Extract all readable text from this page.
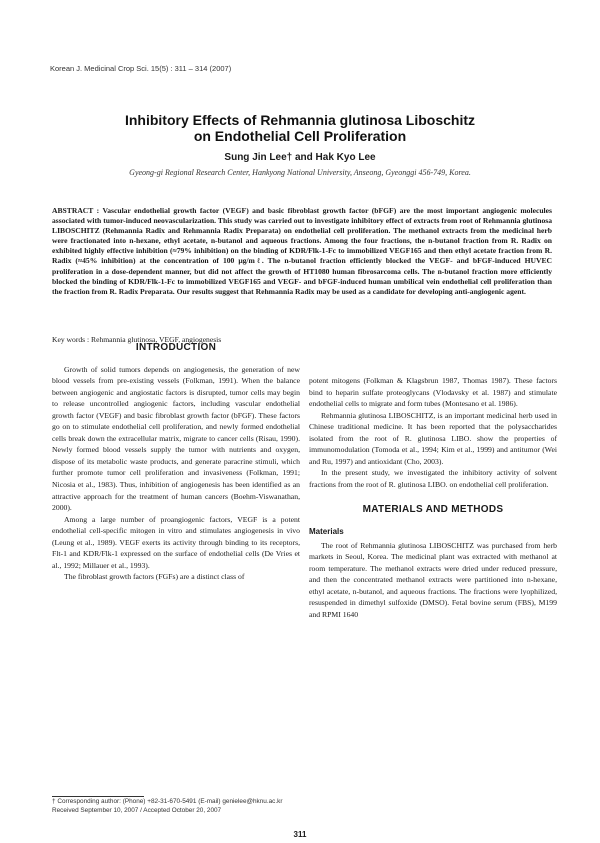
Korean J. Medicinal Crop Sci. 15(5) : 311 – 314 (2007)
Inhibitory Effects of Rehmannia glutinosa Liboschitz
on Endothelial Cell Proliferation
Sung Jin Lee† and Hak Kyo Lee
Gyeong-gi Regional Research Center, Hankyong National University, Anseong, Gyeonggi 456-749, Korea.
ABSTRACT : Vascular endothelial growth factor (VEGF) and basic fibroblast growth factor (bFGF) are the most important angiogenic molecules associated with tumor-induced neovascularization. This study was carried out to investigate inhibitory effect of extracts from root of Rehmannia glutinosa LIBOSCHITZ (Rehmannia Radix and Rehmannia Radix Preparata) on endothelial cell proliferation. The methanol extracts from the medicinal herb were fractionated into n-hexane, ethyl acetate, n-butanol and aqueous fractions. Among the four fractions, the n-butanol fraction from R. Radix on exhibited highly effective inhibition (≈79% inhibition) on the binding of KDR/Flk-1-Fc to immobilized VEGF165 and then ethyl acetate fraction from R. Radix (≈45% inhibition) at the concentration of 100 μg/mℓ. The n-butanol fraction efficiently blocked the VEGF- and bFGF-induced HUVEC proliferation in a dose-dependent manner, but did not affect the growth of HT1080 human fibrosarcoma cells. The n-butanol fraction more efficiently blocked the binding of KDR/Flk-1-Fc to immobilized VEGF165 and VEGF- and bFGF-induced human umbilical vein endothelial cell proliferation than the fraction from R. Radix Preparata. Our results suggest that Rehmannia Radix may be used as a candidate for developing anti-angiogenic agent.
Key words : Rehmannia glutinosa, VEGF, angiogenesis
INTRODUCTION

Growth of solid tumors depends on angiogenesis, the generation of new blood vessels from pre-existing vessels (Folkman, 1991). When the balance between angiogenic and angiostatic factors is disrupted, tumor cells may begin to release uncontrolled angiogenic factors, including vascular endothelial growth factor (VEGF) and basic fibroblast growth factor (bFGF). These factors go on to stimulate endothelial cell proliferation, and newly formed endothelial cells break down the extracellular matrix, migrate to cancer cells (Risau, 1990). Newly formed blood vessels supply the tumor with nutrients and oxygen, dispose of its metabolic waste products, and generate paracrine stimuli, which further promote tumor cell proliferation and invasiveness (Folkman, 1991; Nicosia et al., 1983). Thus, inhibition of angiogenesis has been identified as an attractive approach for the treatment of human cancers (Boehm-Viswanathan, 2000).

Among a large number of proangiogenic factors, VEGF is a potent endothelial cell-specific mitogen in vitro and stimulates angiogenesis in vivo (Leung et al., 1989). VEGF exerts its activity through binding to its receptors, Flt-1 and KDR/Flk-1 expressed on the surface of endothelial cells (De Vries et al., 1992; Millauer et al., 1993).

The fibroblast growth factors (FGFs) are a distinct class of

potent mitogens (Folkman & Klagsbrun 1987, Thomas 1987). These factors bind to heparin sulfate proteoglycans (Vlodavsky et al. 1987) and stimulate endothelial cells to migrate and form tubes (Montesano et al. 1986).

Rehmannia glutinosa LIBOSCHITZ, is an important medicinal herb used in Chinese traditional medicine. It has been reported that the polysaccharides isolated from the root of R. glutinosa LIBO. show the properties of immunomodulation (Tomoda et al., 1994; Kim et al., 1999) and antitumor (Wei and Ru, 1997) and antioxidant (Cho, 2003).

In the present study, we investigated the inhibitory activity of solvent fractions from the root of R. glutinosa LIBO. on endothelial cell proliferation.

MATERIALS AND METHODS
Materials

The root of Rehmannia glutinosa LIBOSCHITZ was purchased from herb markets in Seoul, Korea. The medicinal plant was extracted with methanol at room temperature. The methanol extracts were dried under reduced pressure, and then the concentrated methanol extracts were partitioned into n-hexane, ethyl acetate, n-butanol, and aqueous fractions. The fractions were lyophilized, resuspended in dimethyl sulfoxide (DMSO). Fetal bovine serum (FBS), M199 and RPMI 1640

† Corresponding author: (Phone) +82-31-670-5491 (E-mail) genielee@hknu.ac.kr
Received September 10, 2007 / Accepted October 20, 2007
311
